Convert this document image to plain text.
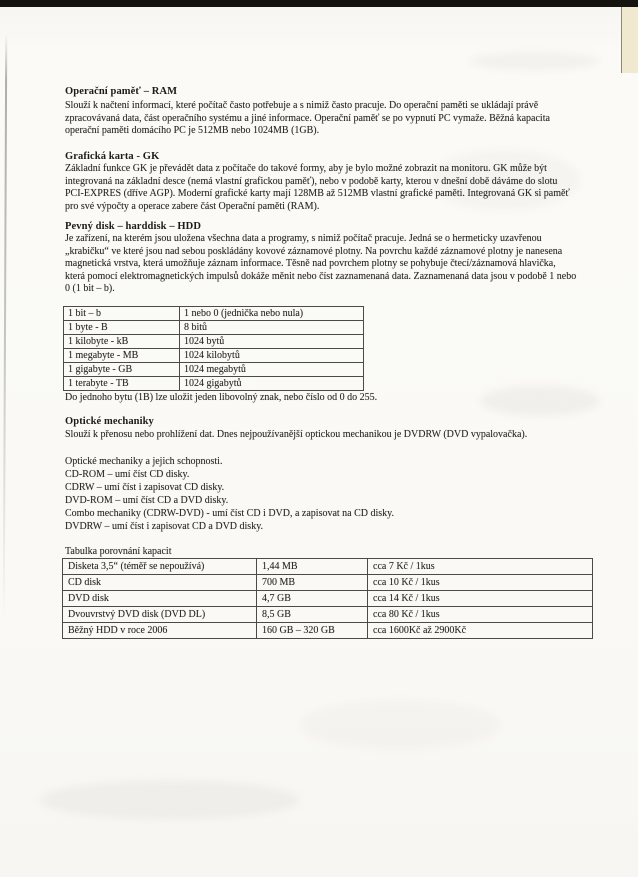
Operační paměť – RAM
Slouží k načtení informací, které počítač často potřebuje a s nimiž často pracuje. Do operační paměti se ukládají právě zpracovávaná data, část operačního systému a jiné informace. Operační paměť se po vypnutí PC vymaže. Běžná kapacita operační paměti domácího PC je 512MB nebo 1024MB (1GB).
Grafická karta - GK
Základní funkce GK je převádět data z počítače do takové formy, aby je bylo možné zobrazit na monitoru. GK může být integrovaná na základní desce (nemá vlastní grafickou paměť), nebo v podobě karty, kterou v dnešní době dáváme do slotu PCI-EXPRES (dříve AGP). Moderní grafické karty mají 128MB až 512MB vlastní grafické paměti. Integrovaná GK si paměť pro své výpočty a operace zabere část Operační paměti (RAM).
Pevný disk – harddisk – HDD
Je zařízení, na kterém jsou uložena všechna data a programy, s nimiž počítač pracuje. Jedná se o hermeticky uzavřenou „krabičku“ ve které jsou nad sebou poskládány kovové záznamové plotny. Na povrchu každé záznamové plotny je nanesena magnetická vrstva, která umožňuje záznam informace. Těsně nad povrchem plotny se pohybuje čtecí/záznamová hlavička, která pomocí elektromagnetických impulsů dokáže měnit nebo číst zaznamenaná data. Zaznamenaná data jsou v podobě 1 nebo 0 (1 bit – b).
1 bit – b	1 nebo 0 (jednička nebo nula)
1 byte - B	8 bitů
1 kilobyte - kB	1024 bytů
1 megabyte - MB	1024 kilobytů
1 gigabyte - GB	1024 megabytů
1 terabyte - TB	1024 gigabytů
Do jednoho bytu (1B) lze uložit jeden libovolný znak, nebo číslo od 0 do 255.
Optické mechaniky
Slouží k přenosu nebo prohlížení dat. Dnes nejpoužívanější optickou mechanikou je DVDRW (DVD vypalovačka).
Optické mechaniky a jejich schopnosti.
CD-ROM – umí číst CD disky.
CDRW – umí číst i zapisovat CD disky.
DVD-ROM – umí číst CD a DVD disky.
Combo mechaniky (CDRW-DVD) - umí číst CD i DVD, a zapisovat na CD disky.
DVDRW – umí číst i zapisovat CD a DVD disky.
Tabulka porovnání kapacit
Disketa 3,5“ (téměř se nepoužívá)	1,44 MB	cca 7 Kč / 1kus
CD disk	700 MB	cca 10 Kč / 1kus
DVD disk	4,7 GB	cca 14 Kč / 1kus
Dvouvrstvý DVD disk (DVD DL)	8,5 GB	cca 80 Kč / 1kus
Běžný HDD v roce 2006	160 GB – 320 GB	cca 1600Kč až 2900Kč
